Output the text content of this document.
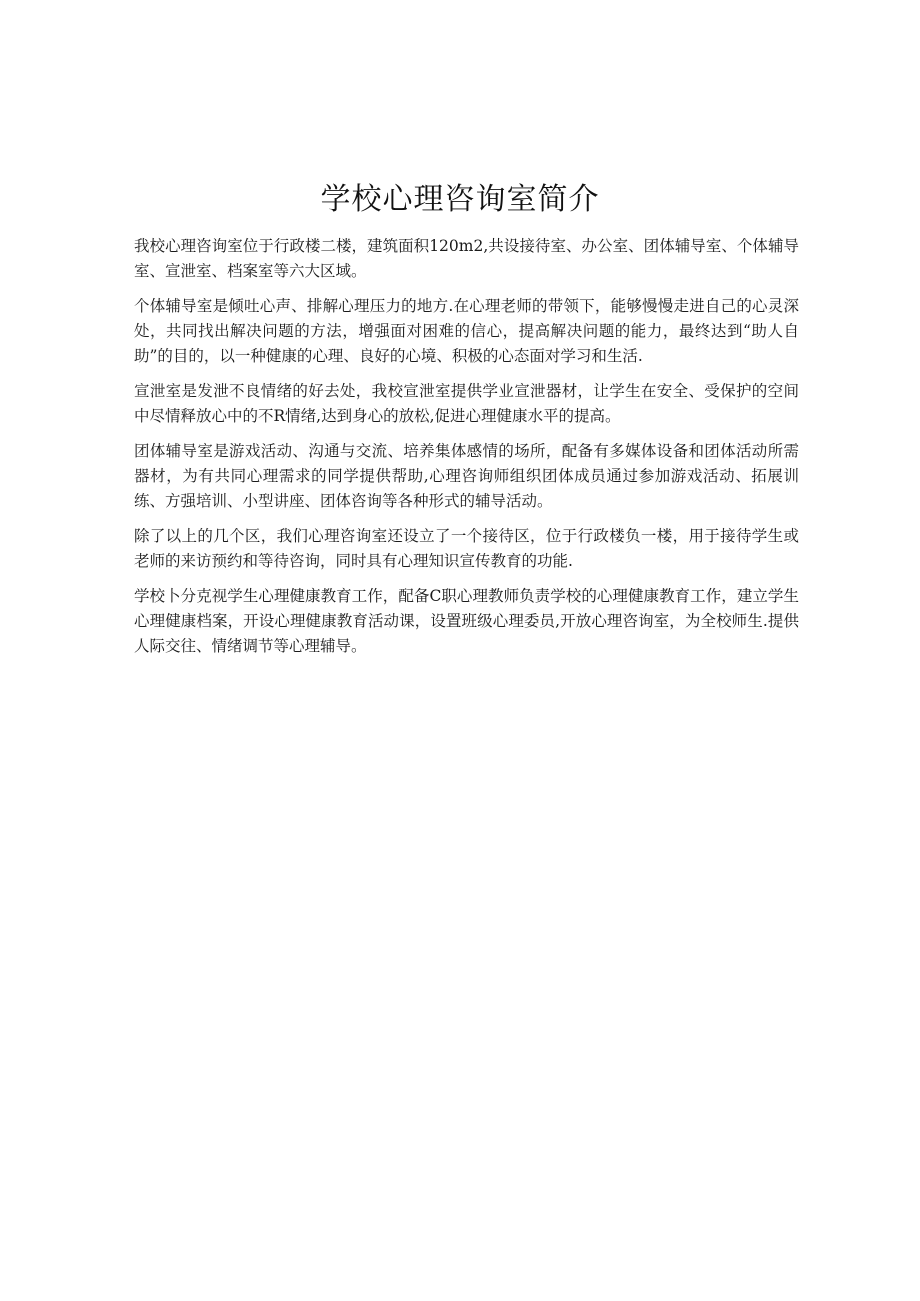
学校心理咨询室简介

我校心理咨询室位于行政楼二楼，建筑面积120m2,共设接待室、办公室、团体辅导室、个体辅导室、宣泄室、档案室等六大区域。

个体辅导室是倾吐心声、排解心理压力的地方.在心理老师的带领下，能够慢慢走进自己的心灵深处，共同找出解决问题的方法，增强面对困难的信心，提高解决问题的能力，最终达到“助人自助”的目的，以一种健康的心理、良好的心境、积极的心态面对学习和生活.

宣泄室是发泄不良情绪的好去处，我校宣泄室提供学业宣泄器材，让学生在安全、受保护的空间中尽情释放心中的不R情绪,达到身心的放松,促进心理健康水平的提高。

团体辅导室是游戏活动、沟通与交流、培养集体感情的场所，配备有多媒体设备和团体活动所需器材，为有共同心理需求的同学提供帮助,心理咨询师组织团体成员通过参加游戏活动、拓展训练、方强培训、小型讲座、团体咨询等各种形式的辅导活动。

除了以上的几个区，我们心理咨询室还设立了一个接待区，位于行政楼负一楼，用于接待学生或老师的来访预约和等待咨询，同时具有心理知识宣传教育的功能.

学校卜分克视学生心理健康教育工作，配备C职心理教师负责学校的心理健康教育工作，建立学生心理健康档案，开设心理健康教育活动课，设置班级心理委员,开放心理咨询室，为全校师生.提供人际交往、情绪调节等心理辅导。
